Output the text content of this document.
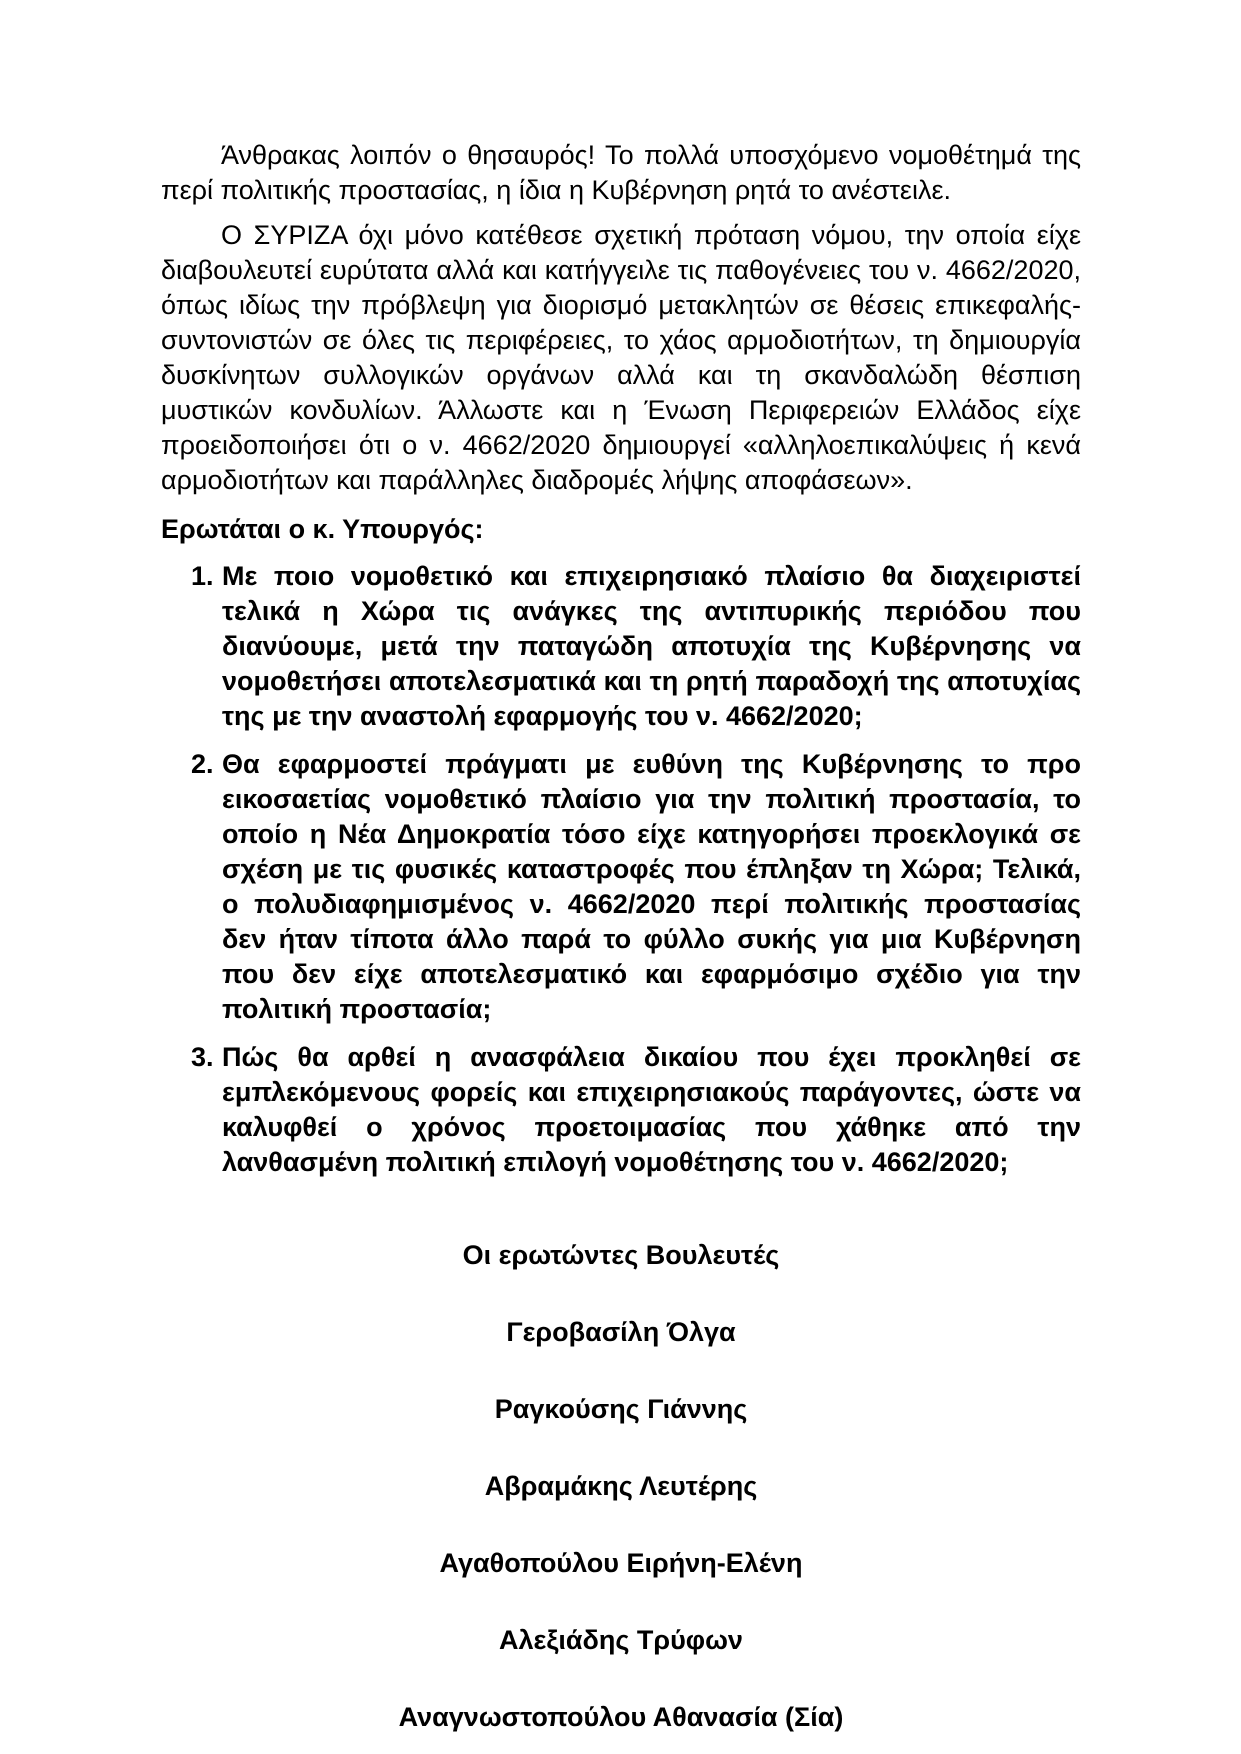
Άνθρακας λοιπόν ο θησαυρός! Το πολλά υποσχόμενο νομοθέτημά της περί πολιτικής προστασίας, η ίδια η Κυβέρνηση ρητά το ανέστειλε.

Ο ΣΥΡΙΖΑ όχι μόνο κατέθεσε σχετική πρόταση νόμου, την οποία είχε διαβουλευτεί ευρύτατα αλλά και κατήγγειλε τις παθογένειες του ν. 4662/2020, όπως ιδίως την πρόβλεψη για διορισμό μετακλητών σε θέσεις επικεφαλής-συντονιστών σε όλες τις περιφέρειες, το χάος αρμοδιοτήτων, τη δημιουργία δυσκίνητων συλλογικών οργάνων αλλά και τη σκανδαλώδη θέσπιση μυστικών κονδυλίων. Άλλωστε και η Ένωση Περιφερειών Ελλάδος είχε προειδοποιήσει ότι ο ν. 4662/2020 δημιουργεί «αλληλοεπικαλύψεις ή κενά αρμοδιοτήτων και παράλληλες διαδρομές λήψης αποφάσεων».

Ερωτάται ο κ. Υπουργός:

1. Με ποιο νομοθετικό και επιχειρησιακό πλαίσιο θα διαχειριστεί τελικά η Χώρα τις ανάγκες της αντιπυρικής περιόδου που διανύουμε, μετά την παταγώδη αποτυχία της Κυβέρνησης να νομοθετήσει αποτελεσματικά και τη ρητή παραδοχή της αποτυχίας της με την αναστολή εφαρμογής του ν. 4662/2020;
2. Θα εφαρμοστεί πράγματι με ευθύνη της Κυβέρνησης το προ εικοσαετίας νομοθετικό πλαίσιο για την πολιτική προστασία, το οποίο η Νέα Δημοκρατία τόσο είχε κατηγορήσει προεκλογικά σε σχέση με τις φυσικές καταστροφές που έπληξαν τη Χώρα; Τελικά, ο πολυδιαφημισμένος ν. 4662/2020 περί πολιτικής προστασίας δεν ήταν τίποτα άλλο παρά το φύλλο συκής για μια Κυβέρνηση που δεν είχε αποτελεσματικό και εφαρμόσιμο σχέδιο για την πολιτική προστασία;
3. Πώς θα αρθεί η ανασφάλεια δικαίου που έχει προκληθεί σε εμπλεκόμενους φορείς και επιχειρησιακούς παράγοντες, ώστε να καλυφθεί ο χρόνος προετοιμασίας που χάθηκε από την λανθασμένη πολιτική επιλογή νομοθέτησης του ν. 4662/2020;

Οι ερωτώντες Βουλευτές

Γεροβασίλη Όλγα

Ραγκούσης Γιάννης

Αβραμάκης Λευτέρης

Αγαθοπούλου Ειρήνη-Ελένη

Αλεξιάδης Τρύφων

Αναγνωστοπούλου Αθανασία (Σία)
